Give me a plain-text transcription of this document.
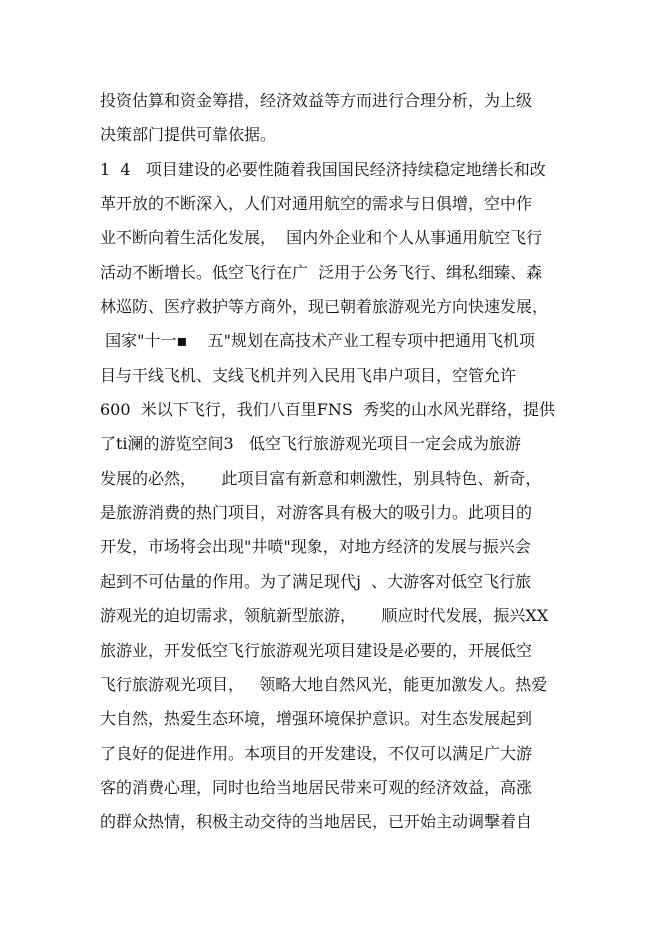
投资估算和资金筹措，经济效益等方而进行合理分析，为上级
决策部门提供可靠依据。
1  4   项目建设的必要性随着我国国民经济持续稳定地缮长和改
革开放的不断深入，人们对通用航空的需求与日俱增，空中作
业不断向着生活化发展，  国内外企业和个人从事通用航空飞行
活动不断增长。低空飞行在广  泛用于公务飞行、缉私细臻、森
林巡防、医疗救护等方商外，现已朝着旅游观光方向快速发展，
国家"十一▪    五"规划在高技术产业工程专项中把通用飞机项
目与干线飞机、支线飞机并列入民用飞串户项目，空管允许
600  米以下飞行，我们八百里FNS  秀奖的山水风光群络，提供
了ti澜的游览空间3   低空飞行旅游观光项目一定会成为旅游
发展的必然，     此项目富有新意和刺激性，别具特色、新奇，
是旅游消费的热门项目，对游客具有极大的吸引力。此项目的
开发，市场将会出现"井喷"现象，对地方经济的发展与振兴会
起到不可估量的作用。为了满足现代j  、大游客对低空飞行旅
游观光的迫切需求，领航新型旅游，     顺应时代发展，振兴XX
旅游业，开发低空飞行旅游观光项目建设是必要的，开展低空
飞行旅游观光项目，   领略大地自然风光，能更加激发人。热爱
大自然，热爱生态环境，增强环境保护意识。对生态发展起到
了良好的促进作用。本项目的开发建设，不仅可以满足广大游
客的消费心理，同时也给当地居民带来可观的经济效益，高涨
的群众热情，积极主动交待的当地居民，已开始主动调撃着自
